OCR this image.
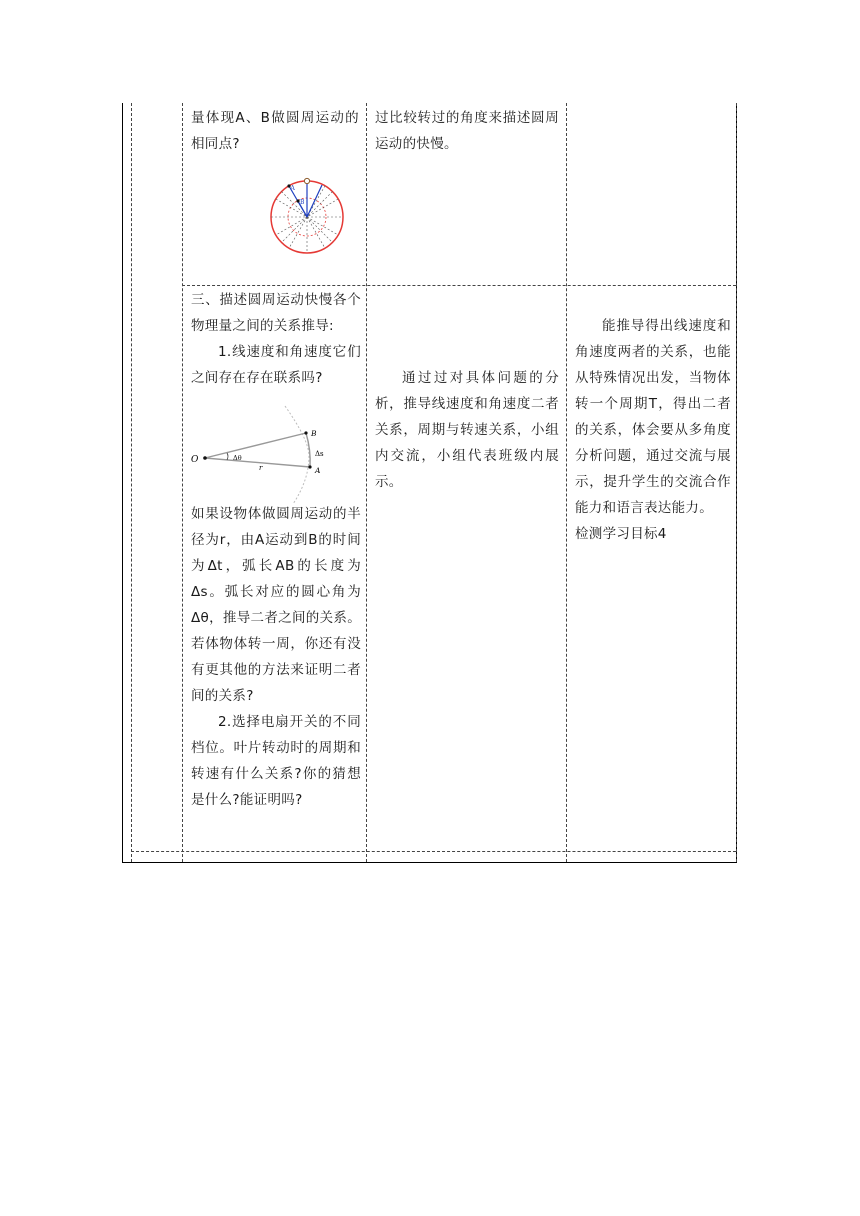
量体现A、B做圆周运动的相同点?

A
B

过比较转过的角度来描述圆周运动的快慢。

三、描述圆周运动快慢各个物理量之间的关系推导:

1.线速度和角速度它们之间存在存在联系吗?

如果设物体做圆周运动的半径为r，由A运动到B的时间为Δt，弧长AB的长度为Δs。弧长对应的圆心角为Δθ，推导二者之间的关系。若体物体转一周，你还有没有更其他的方法来证明二者间的关系?

2.选择电扇开关的不同档位。叶片转动时的周期和转速有什么关系?你的猜想是什么?能证明吗?

O
B
A
Δθ	Δs
r

通过过对具体问题的分析，推导线速度和角速度二者关系，周期与转速关系，小组内交流，小组代表班级内展示。

能推导得出线速度和角速度两者的关系，也能从特殊情况出发，当物体转一个周期T，得出二者的关系，体会要从多角度分析问题，通过交流与展示，提升学生的交流合作能力和语言表达能力。

检测学习目标4
